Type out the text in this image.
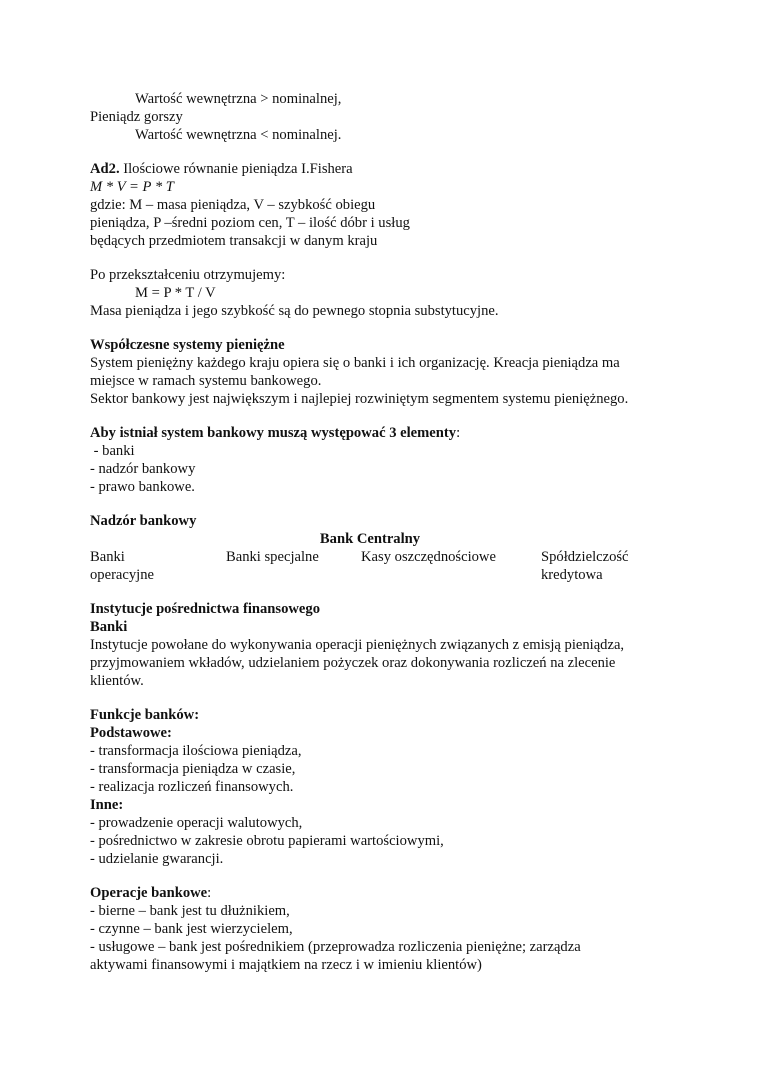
Wartość wewnętrzna > nominalnej,
Pieniądz gorszy
Wartość wewnętrzna < nominalnej.
Ad2. Ilościowe równanie pieniądza I.Fishera
M * V = P * T
gdzie: M – masa pieniądza, V – szybkość obiegu
pieniądza, P –średni poziom cen, T – ilość dóbr i usług
będących przedmiotem transakcji w danym kraju
Po przekształceniu otrzymujemy:
M = P * T / V
Masa pieniądza i jego szybkość są do pewnego stopnia substytucyjne.
Współczesne systemy pieniężne
System pieniężny każdego kraju opiera się o banki i ich organizację. Kreacja pieniądza ma
miejsce w ramach systemu bankowego.
Sektor bankowy jest największym i najlepiej rozwiniętym segmentem systemu pieniężnego.
Aby istniał system bankowy muszą występować 3 elementy:
- banki
- nadzór bankowy
- prawo bankowe.
Nadzór bankowy
Bank Centralny
Banki
operacyjne
Banki specjalne	Kasy oszczędnościowe	Spółdzielczość
kredytowa
Instytucje pośrednictwa finansowego
Banki
Instytucje powołane do wykonywania operacji pieniężnych związanych z emisją pieniądza,
przyjmowaniem wkładów, udzielaniem pożyczek oraz dokonywania rozliczeń na zlecenie
klientów.
Funkcje banków:
Podstawowe:
- transformacja ilościowa pieniądza,
- transformacja pieniądza w czasie,
- realizacja rozliczeń finansowych.
Inne:
- prowadzenie operacji walutowych,
- pośrednictwo w zakresie obrotu papierami wartościowymi,
- udzielanie gwarancji.
Operacje bankowe:
- bierne – bank jest tu dłużnikiem,
- czynne – bank jest wierzycielem,
- usługowe – bank jest pośrednikiem (przeprowadza rozliczenia pieniężne; zarządza
aktywami finansowymi i majątkiem na rzecz i w imieniu klientów)
